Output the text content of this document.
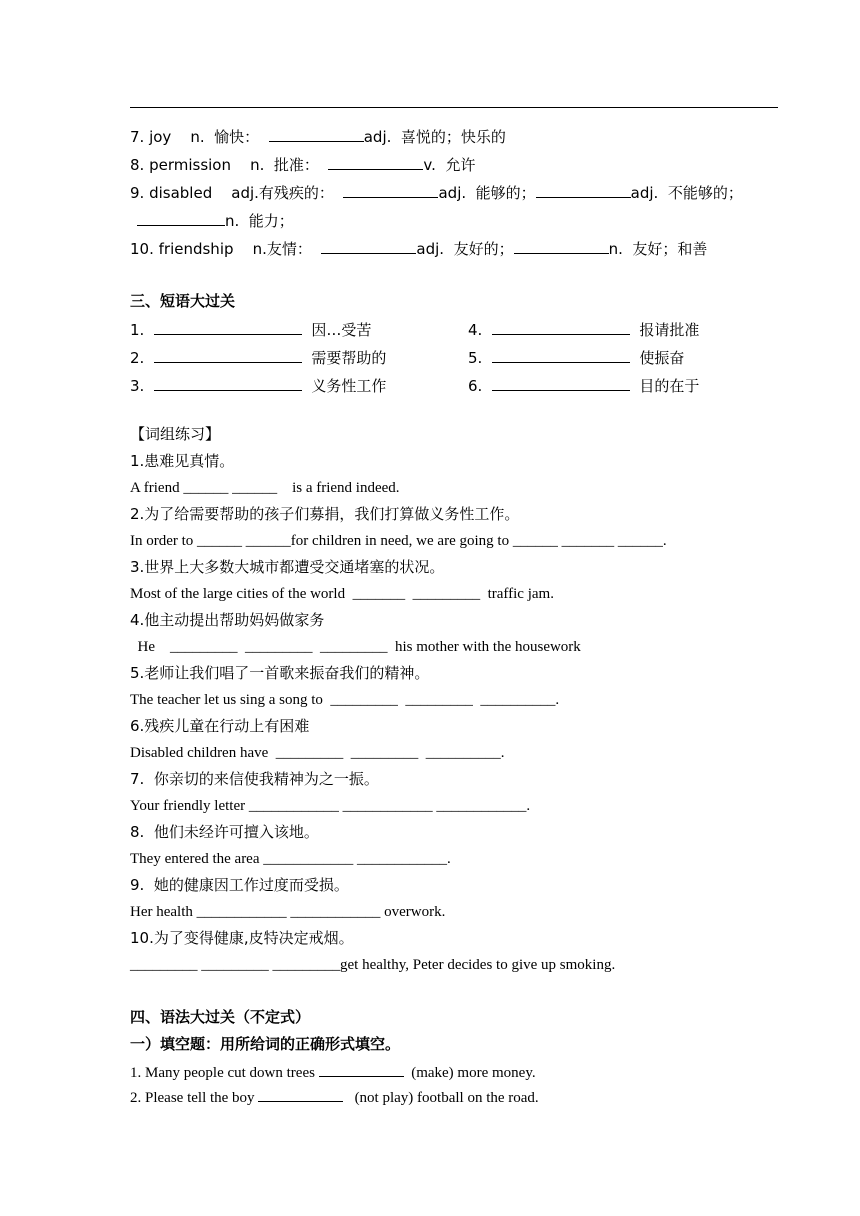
7. joy    n.  愉快：	adj.  喜悦的；快乐的
8. permission    n.  批准：	v.  允许
9. disabled    adj.有残疾的：	adj.  能够的；	adj.  不能够的；
n.  能力；
10. friendship    n.友情：	adj.  友好的；	n.  友好；和善
三、短语大过关
1.	因…受苦
2.	需要帮助的
3.	义务性工作
4.	报请批准
5.	使振奋
6.	目的在于
【词组练习】
1.患难见真情。
A friend ______ ______    is a friend indeed.
2.为了给需要帮助的孩子们募捐，我们打算做义务性工作。
In order to ______ ______for children in need, we are going to ______ _______ ______.
3.世界上大多数大城市都遭受交通堵塞的状况。
Most of the large cities of the world  _______  _________  traffic jam.
4.他主动提出帮助妈妈做家务
He    _________  _________  _________  his mother with the housework
5.老师让我们唱了一首歌来振奋我们的精神。
The teacher let us sing a song to  _________  _________  __________.
6.残疾儿童在行动上有困难
Disabled children have  _________  _________  __________.
7.  你亲切的来信使我精神为之一振。
Your friendly letter ____________ ____________ ____________.
8.  他们未经许可擅入该地。
They entered the area ____________ ____________.
9.  她的健康因工作过度而受损。
Her health ____________ ____________ overwork.
10.为了变得健康,皮特决定戒烟。
_________ _________ _________get healthy, Peter decides to give up smoking.
四、语法大过关（不定式）
一）填空题：用所给词的正确形式填空。
1. Many people cut down trees	(make) more money.
2. Please tell the boy	(not play) football on the road.
